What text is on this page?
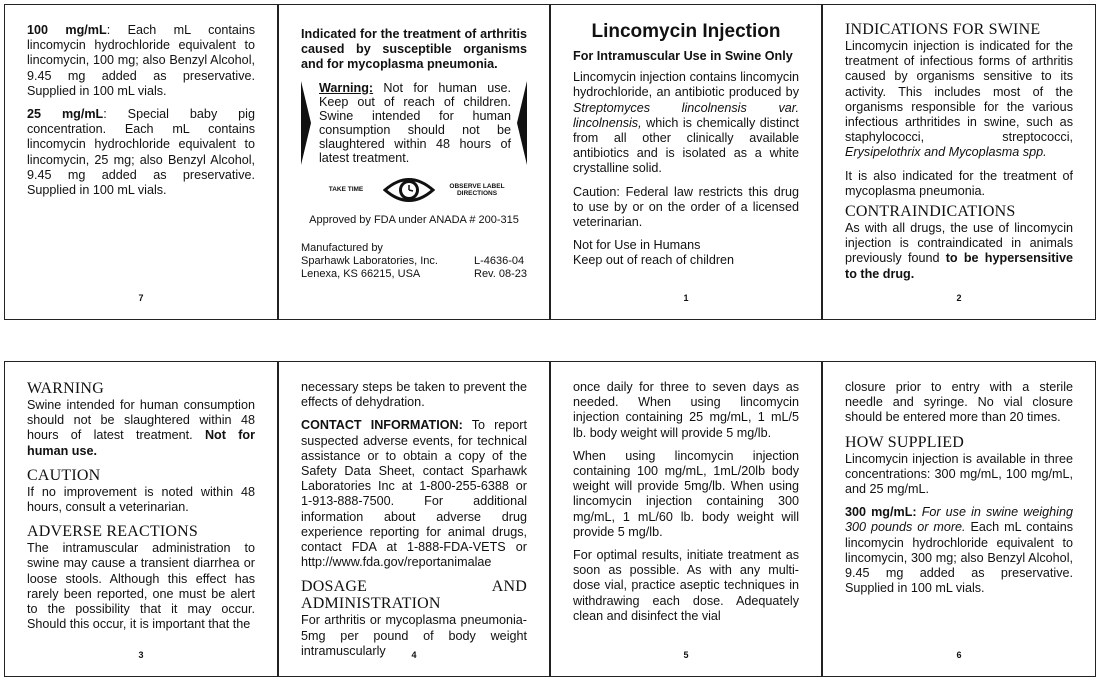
100 mg/mL: Each mL contains lincomycin hydrochloride equivalent to lincomycin, 100 mg; also Benzyl Alcohol, 9.45 mg added as preservative. Supplied in 100 mL vials.

25 mg/mL: Special baby pig concentration. Each mL contains lincomycin hydrochloride equivalent to lincomycin, 25 mg; also Benzyl Alcohol, 9.45 mg added as preservative. Supplied in 100 mL vials.

7

Indicated for the treatment of arthritis caused by susceptible organisms and for mycoplasma pneumonia.

Warning: Not for human use. Keep out of reach of children. Swine intended for human consumption should not be slaughtered within 48 hours of latest treatment.
TAKE TIME	OBSERVE LABEL DIRECTIONS
Approved by FDA under ANADA # 200-315
Manufactured by
Sparhawk Laboratories, Inc.
Lenexa, KS 66215, USA
L-4636-04
Rev. 08-23
Lincomycin Injection
For Intramuscular Use in Swine Only

Lincomycin injection contains lincomycin hydrochloride, an antibiotic produced by Streptomyces lincolnensis var. lincolnensis, which is chemically distinct from all other clinically available antibiotics and is isolated as a white crystalline solid.

Caution: Federal law restricts this drug to use by or on the order of a licensed veterinarian.

Not for Use in Humans
Keep out of reach of children
1
INDICATIONS FOR SWINE

Lincomycin injection is indicated for the treatment of infectious forms of arthritis caused by organisms sensitive to its activity. This includes most of the organisms responsible for the various infectious arthritides in swine, such as staphylococci, streptococci, Erysipelothrix and Mycoplasma spp.

It is also indicated for the treatment of mycoplasma pneumonia.

CONTRAINDICATIONS

As with all drugs, the use of lincomycin injection is contraindicated in animals previously found to be hypersensitive to the drug.

2
WARNING

Swine intended for human consumption should not be slaughtered within 48 hours of latest treatment. Not for human use.

CAUTION

If no improvement is noted within 48 hours, consult a veterinarian.

ADVERSE REACTIONS

The intramuscular administration to swine may cause a transient diarrhea or loose stools. Although this effect has rarely been reported, one must be alert to the possibility that it may occur. Should this occur, it is important that the

3

necessary steps be taken to prevent the effects of dehydration.

CONTACT INFORMATION: To report suspected adverse events, for technical assistance or to obtain a copy of the Safety Data Sheet, contact Sparhawk Laboratories Inc at 1-800-255-6388 or 1-913-888-7500. For additional information about adverse drug experience reporting for animal drugs, contact FDA at 1-888-FDA-VETS or http://www.fda.gov/reportanimalae

DOSAGE AND ADMINISTRATION

For arthritis or mycoplasma pneumonia-5mg per pound of body weight intramuscularly	4

once daily for three to seven days as needed. When using lincomycin injection containing 25 mg/mL, 1 mL/5 lb. body weight will provide 5 mg/lb.

When using lincomycin injection containing 100 mg/mL, 1mL/20lb body weight will provide 5mg/lb. When using lincomycin injection containing 300 mg/mL, 1 mL/60 lb. body weight will provide 5 mg/lb.

For optimal results, initiate treatment as soon as possible. As with any multi-dose vial, practice aseptic techniques in withdrawing each dose. Adequately clean and disinfect the vial

5

closure prior to entry with a sterile needle and syringe. No vial closure should be entered more than 20 times.

HOW SUPPLIED

Lincomycin injection is available in three concentrations: 300 mg/mL, 100 mg/mL, and 25 mg/mL.

300 mg/mL: For use in swine weighing 300 pounds or more. Each mL contains lincomycin hydrochloride equivalent to lincomycin, 300 mg; also Benzyl Alcohol, 9.45 mg added as preservative. Supplied in 100 mL vials.

6
